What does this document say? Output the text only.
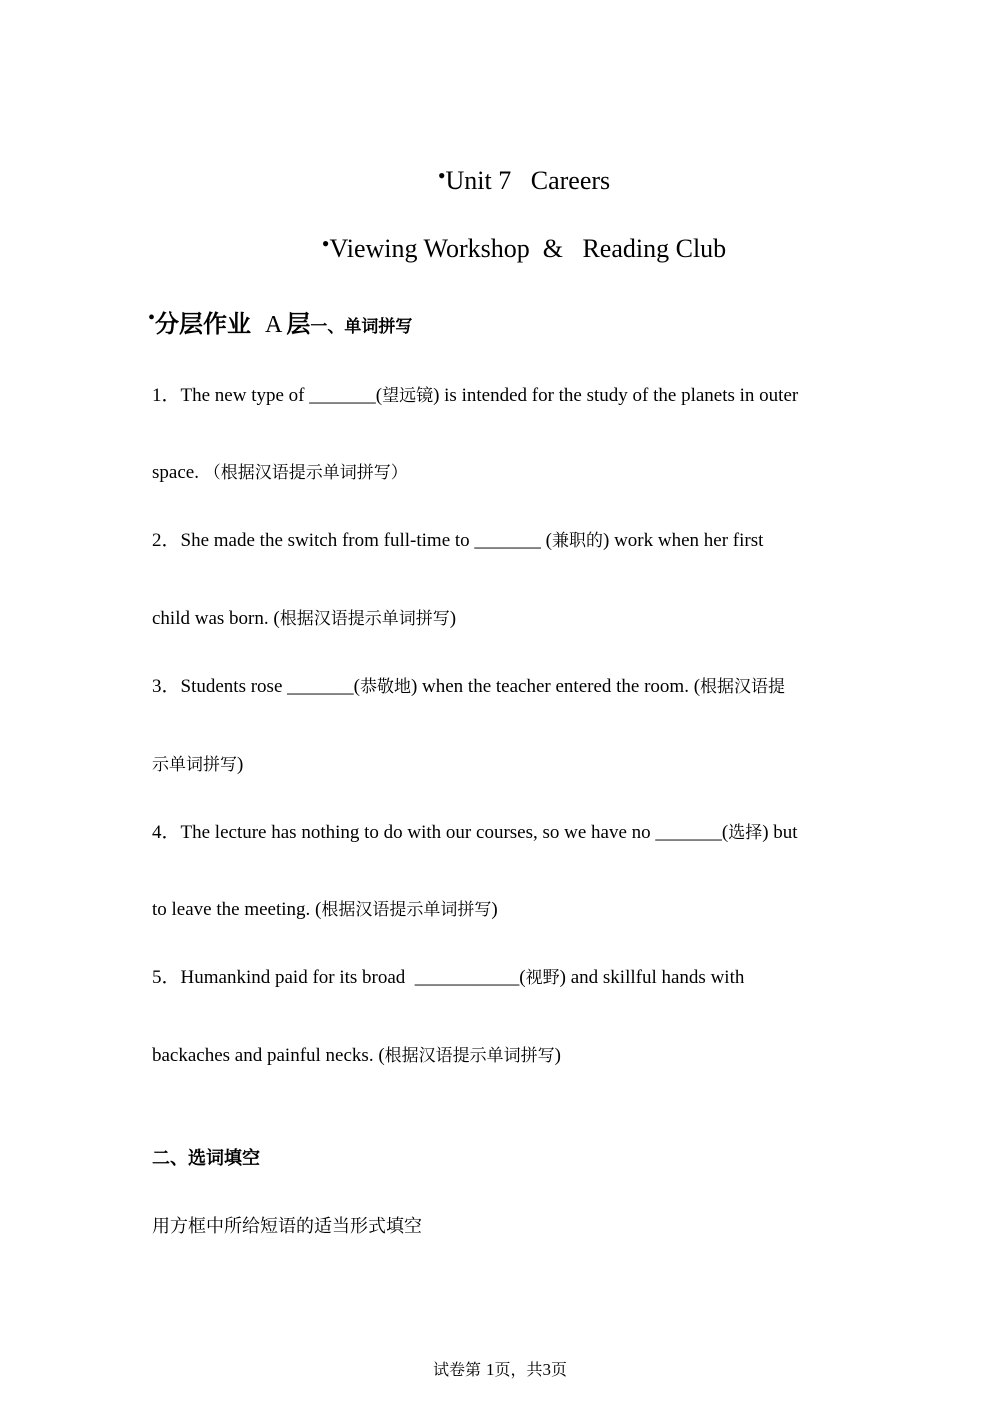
•Unit 7   Careers
•Viewing Workshop  &   Reading Club
•分层作业 A 层一、单词拼写
1．The new type of _______(望远镜) is intended for the study of the planets in outer
space. （根据汉语提示单词拼写）
2．She made the switch from full-time to _______ (兼职的) work when her first
child was born. (根据汉语提示单词拼写)
3．Students rose _______(恭敬地) when the teacher entered the room. (根据汉语提
示单词拼写)
4．The lecture has nothing to do with our courses, so we have no _______(选择) but
to leave the meeting. (根据汉语提示单词拼写)
5．Humankind paid for its broad  ___________(视野) and skillful hands with
backaches and painful necks. (根据汉语提示单词拼写)
二、选词填空
用方框中所给短语的适当形式填空
试卷第 1页，共3页
